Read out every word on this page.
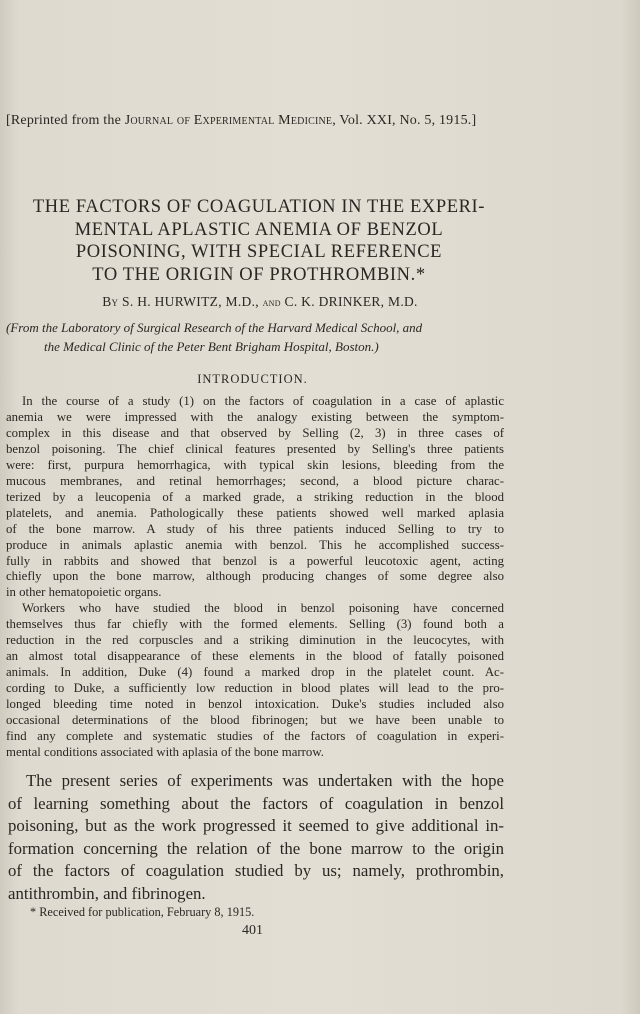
[Reprinted from the Journal of Experimental Medicine, Vol. XXI, No. 5, 1915.]
THE FACTORS OF COAGULATION IN THE EXPERI-
MENTAL APLASTIC ANEMIA OF BENZOL
POISONING, WITH SPECIAL REFERENCE
TO THE ORIGIN OF PROTHROMBIN.*
By S. H. HURWITZ, M.D., and C. K. DRINKER, M.D.
(From the Laboratory of Surgical Research of the Harvard Medical School, and
the Medical Clinic of the Peter Bent Brigham Hospital, Boston.)
INTRODUCTION.
In the course of a study (1) on the factors of coagulation in a case of aplastic
anemia we were impressed with the analogy existing between the symptom-
complex in this disease and that observed by Selling (2, 3) in three cases of
benzol poisoning. The chief clinical features presented by Selling's three patients
were: first, purpura hemorrhagica, with typical skin lesions, bleeding from the
mucous membranes, and retinal hemorrhages; second, a blood picture charac-
terized by a leucopenia of a marked grade, a striking reduction in the blood
platelets, and anemia. Pathologically these patients showed well marked aplasia
of the bone marrow. A study of his three patients induced Selling to try to
produce in animals aplastic anemia with benzol. This he accomplished success-
fully in rabbits and showed that benzol is a powerful leucotoxic agent, acting
chiefly upon the bone marrow, although producing changes of some degree also
in other hematopoietic organs.
Workers who have studied the blood in benzol poisoning have concerned
themselves thus far chiefly with the formed elements. Selling (3) found both a
reduction in the red corpuscles and a striking diminution in the leucocytes, with
an almost total disappearance of these elements in the blood of fatally poisoned
animals. In addition, Duke (4) found a marked drop in the platelet count. Ac-
cording to Duke, a sufficiently low reduction in blood plates will lead to the pro-
longed bleeding time noted in benzol intoxication. Duke's studies included also
occasional determinations of the blood fibrinogen; but we have been unable to
find any complete and systematic studies of the factors of coagulation in experi-
mental conditions associated with aplasia of the bone marrow.
The present series of experiments was undertaken with the hope
of learning something about the factors of coagulation in benzol
poisoning, but as the work progressed it seemed to give additional in-
formation concerning the relation of the bone marrow to the origin
of the factors of coagulation studied by us; namely, prothrombin,
antithrombin, and fibrinogen.
* Received for publication, February 8, 1915.
401
